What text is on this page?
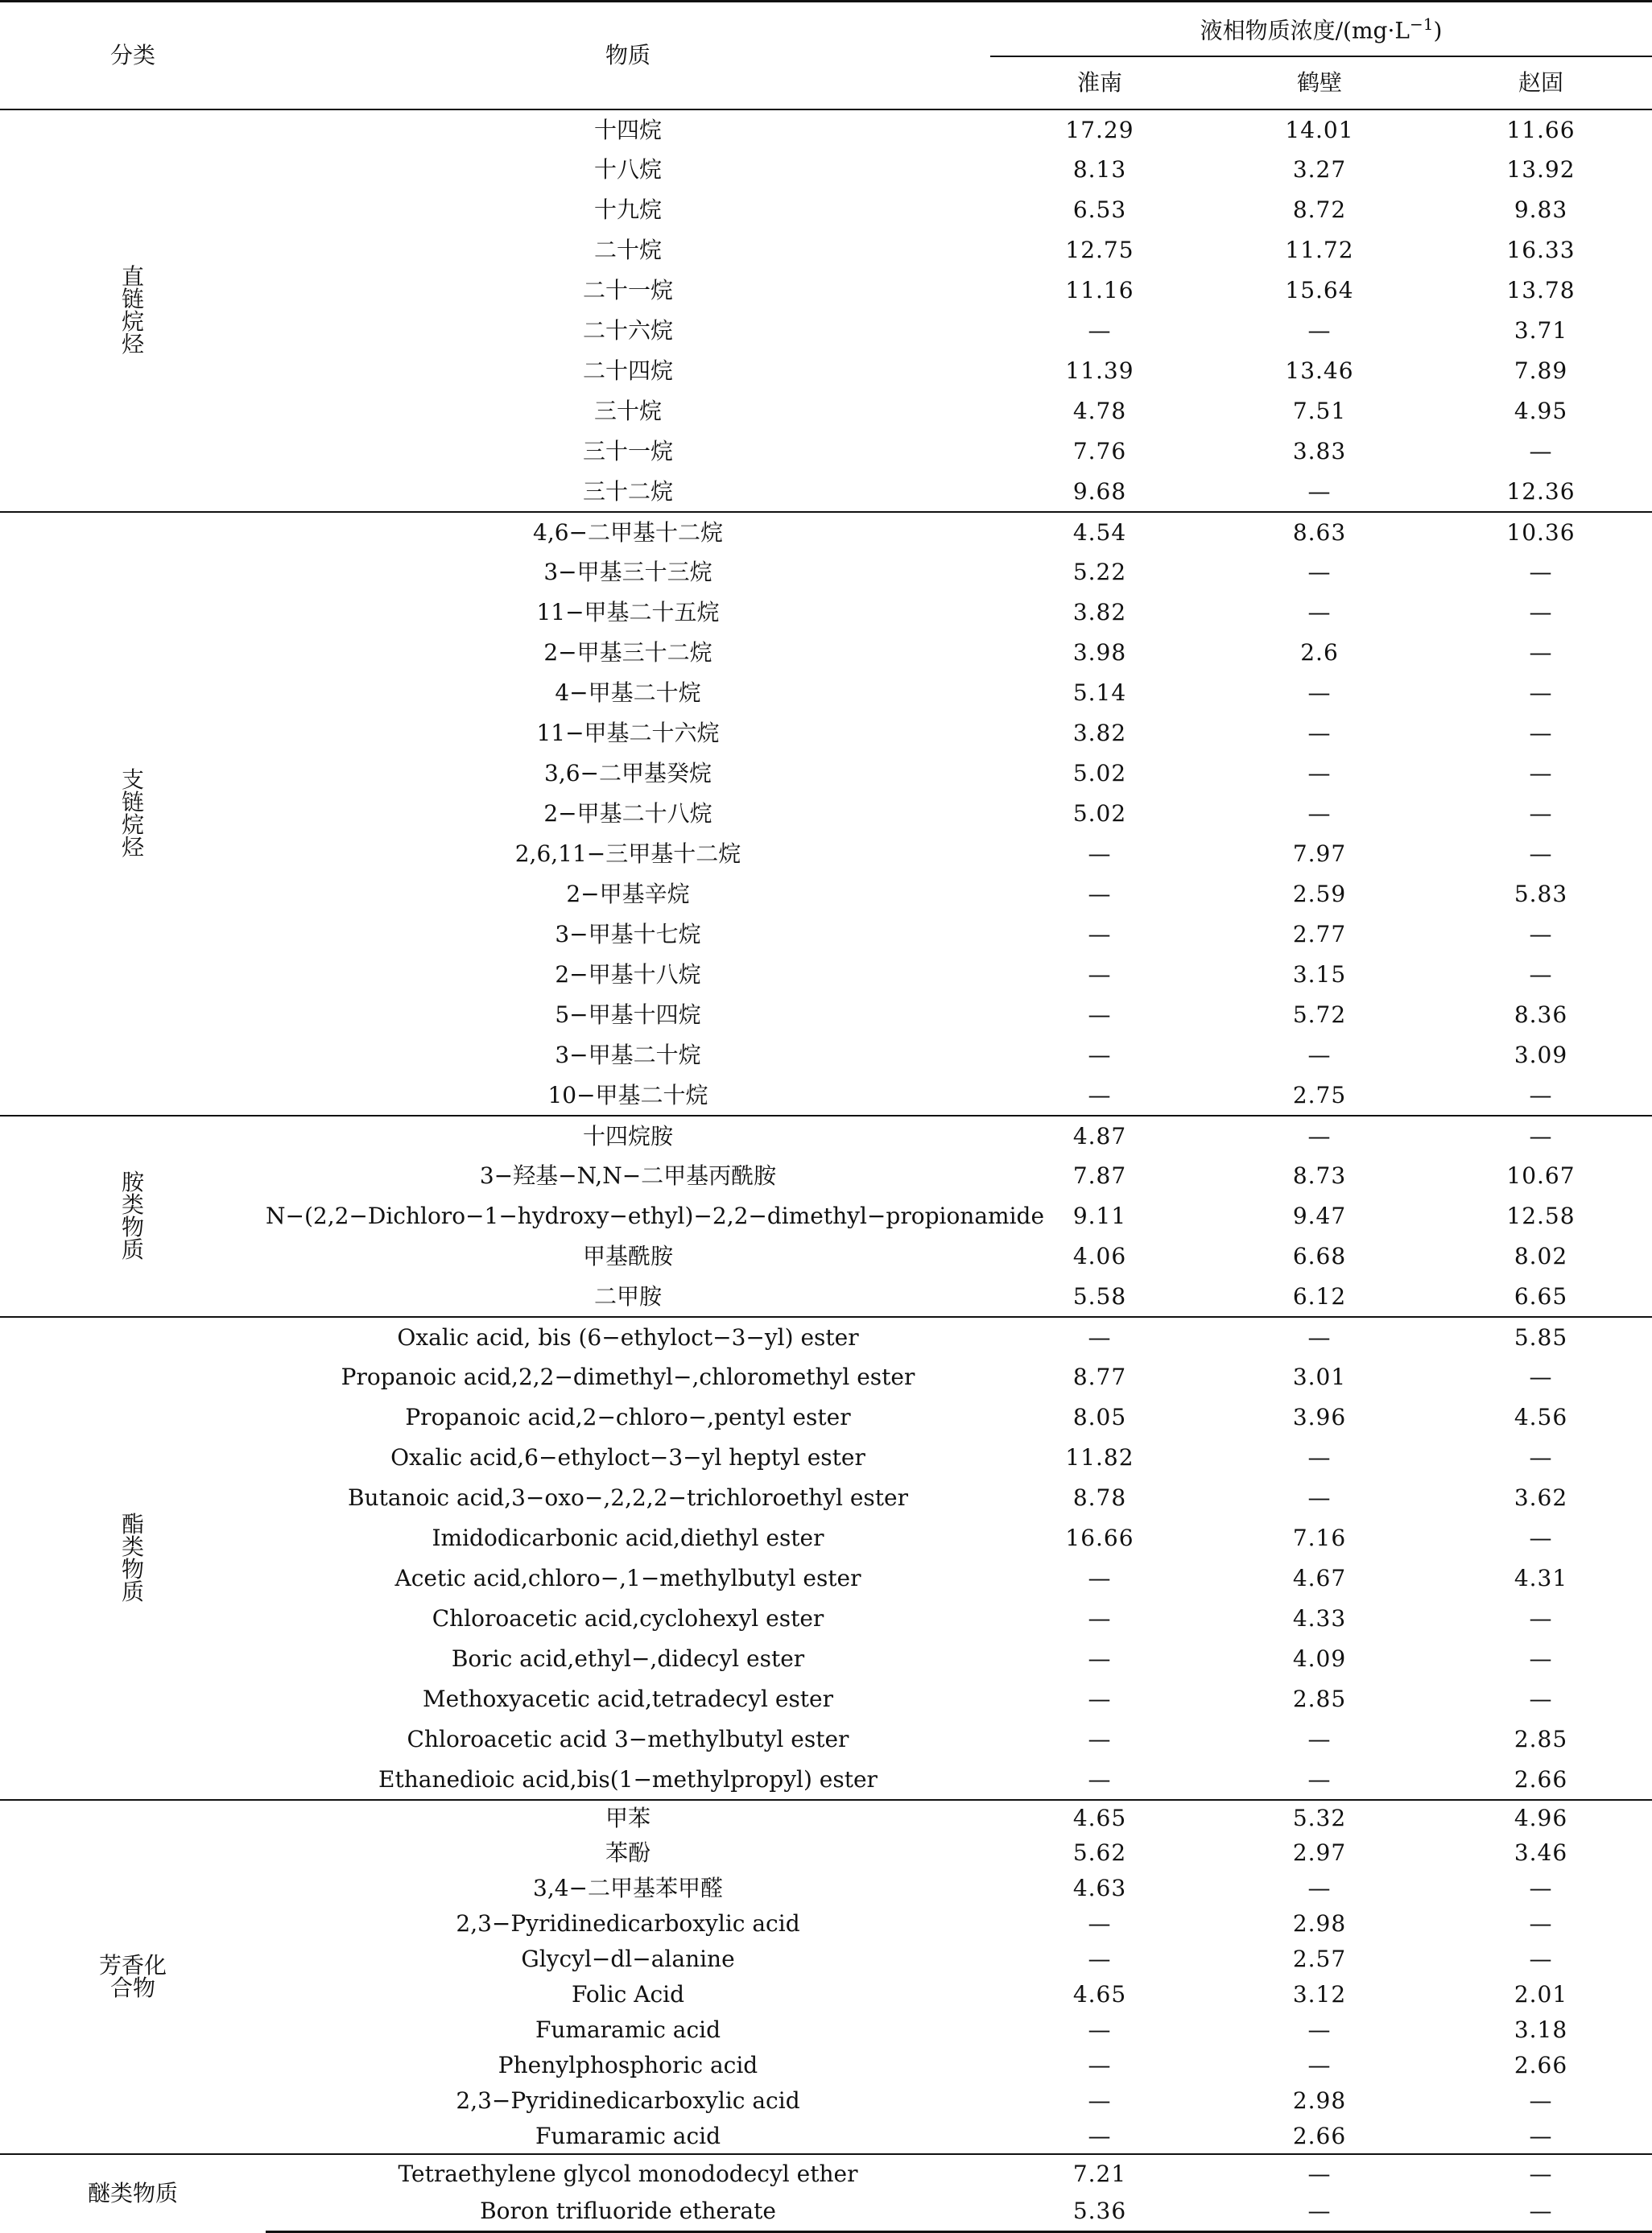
分类	物质	液相物质浓度$/(mg\cdot L^{-1})$		
		淮南	鹤壁	赵固

直
链
烷
烃	十四烷	17.29	14.01	11.66
	十八烷	8.13	3.27	13.92
	十九烷	6.53	8.72	9.83
	二十烷	12.75	11.72	16.33
	二十一烷	11.16	15.64	13.78
	二十六烷	—	—	3.71
	二十四烷	11.39	13.46	7.89
	三十烷	4.78	7.51	4.95
	三十一烷	7.76	3.83	—
	三十二烷	9.68	—	12.36

支
链
烷
烃	4,6−二甲基十二烷	4.54	8.63	10.36
	3−甲基三十三烷	5.22	—	—
	11−甲基二十五烷	3.82	—	—
	2−甲基三十二烷	3.98	2.6	—
	4−甲基二十烷	5.14	—	—
	11−甲基二十六烷	3.82	—	—
	3,6−二甲基癸烷	5.02	—	—
	2−甲基二十八烷	5.02	—	—
	2,6,11−三甲基十二烷	—	7.97	—
	2−甲基辛烷	—	2.59	5.83
	3−甲基十七烷	—	2.77	—
	2−甲基十八烷	—	3.15	—
	5−甲基十四烷	—	5.72	8.36
	3−甲基二十烷	—	—	3.09
	10−甲基二十烷	—	2.75	—

胺
类
物
质	十四烷胺	4.87	—	—
	3−羟基−N,N−二甲基丙酰胺	7.87	8.73	10.67
	N−(2,2−Dichloro−1−hydroxy−ethyl)−2,2−dimethyl−propionamide	9.11	9.47	12.58
	甲基酰胺	4.06	6.68	8.02
	二甲胺	5.58	6.12	6.65

酯
类
物
质	Oxalic acid, bis (6−ethyloct−3−yl) ester	—	—	5.85
	Propanoic acid,2,2−dimethyl−,chloromethyl ester	8.77	3.01	—
	Propanoic acid,2−chloro−,pentyl ester	8.05	3.96	4.56
	Oxalic acid,6−ethyloct−3−yl heptyl ester	11.82	—	—
	Butanoic acid,3−oxo−,2,2,2−trichloroethyl ester	8.78	—	3.62
	Imidodicarbonic acid,diethyl ester	16.66	7.16	—
	Acetic acid,chloro−,1−methylbutyl ester	—	4.67	4.31
	Chloroacetic acid,cyclohexyl ester	—	4.33	—
	Boric acid,ethyl−,didecyl ester	—	4.09	—
	Methoxyacetic acid,tetradecyl ester	—	2.85	—
	Chloroacetic acid 3−methylbutyl ester	—	—	2.85
	Ethanedioic acid,bis(1−methylpropyl) ester	—	—	2.66

芳香化
合物	甲苯	4.65	5.32	4.96
	苯酚	5.62	2.97	3.46
	3,4−二甲基苯甲醛	4.63	—	—
	2,3−Pyridinedicarboxylic acid	—	2.98	—
	Glycyl−dl−alanine	—	2.57	—
	Folic Acid	4.65	3.12	2.01
	Fumaramic acid	—	—	3.18
	Phenylphosphoric acid	—	—	2.66
	2,3−Pyridinedicarboxylic acid	—	2.98	—
	Fumaramic acid	—	2.66	—

醚类物质	Tetraethylene glycol monododecyl ether	7.21	—	—
	Boron trifluoride etherate	5.36	—	—
